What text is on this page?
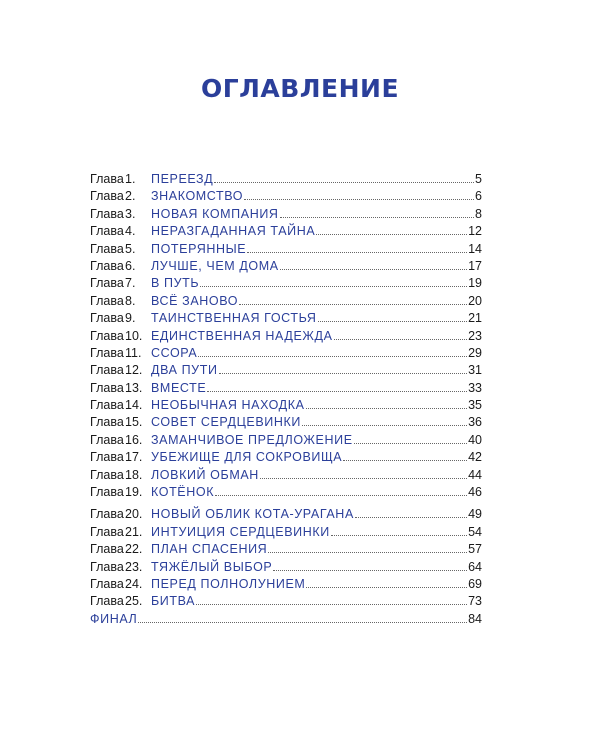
ОГЛАВЛЕНИЕ
Глава 1.	ПЕРЕЕЗД	5
Глава 2.	ЗНАКОМСТВО	6
Глава 3.	НОВАЯ КОМПАНИЯ	8
Глава 4.	НЕРАЗГАДАННАЯ ТАЙНА	12
Глава 5.	ПОТЕРЯННЫЕ	14
Глава 6.	ЛУЧШЕ, ЧЕМ ДОМА	17
Глава 7.	В ПУТЬ	19
Глава 8.	ВСЁ ЗАНОВО	20
Глава 9.	ТАИНСТВЕННАЯ ГОСТЬЯ	21
Глава 10. ЕДИНСТВЕННАЯ НАДЕЖДА	23
Глава 11. ССОРА	29
Глава 12. ДВА ПУТИ	31
Глава 13. ВМЕСТЕ	33
Глава 14. НЕОБЫЧНАЯ НАХОДКА	35
Глава 15. СОВЕТ СЕРДЦЕВИНКИ	36
Глава 16. ЗАМАНЧИВОЕ ПРЕДЛОЖЕНИЕ	40
Глава 17. УБЕЖИЩЕ ДЛЯ СОКРОВИЩА	42
Глава 18. ЛОВКИЙ ОБМАН	44
Глава 19. КОТЁНОК	46
Глава 20. НОВЫЙ ОБЛИК КОТА-УРАГАНА	49
Глава 21. ИНТУИЦИЯ СЕРДЦЕВИНКИ	54
Глава 22. ПЛАН СПАСЕНИЯ	57
Глава 23. ТЯЖЁЛЫЙ ВЫБОР	64
Глава 24. ПЕРЕД ПОЛНОЛУНИЕМ	69
Глава 25. БИТВА	73
ФИНАЛ	84
